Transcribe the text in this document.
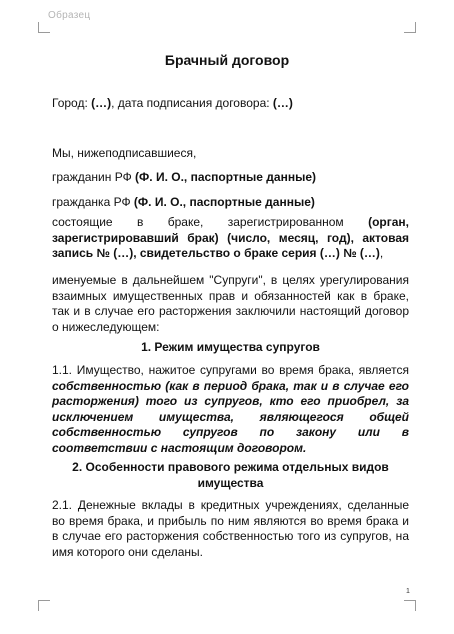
Образец
Брачный договор
Город: (…), дата подписания договора: (…)
Мы, нижеподписавшиеся,
гражданин РФ (Ф. И. О., паспортные данные)
гражданка РФ (Ф. И. О., паспортные данные)
состоящие в браке, зарегистрированном (орган, зарегистрировавший брак) (число, месяц, год), актовая запись № (…), свидетельство о браке серия (…) № (…),
именуемые в дальнейшем "Супруги", в целях урегулирования взаимных имущественных прав и обязанностей как в браке, так и в случае его расторжения заключили настоящий договор о нижеследующем:
1. Режим имущества супругов
1.1. Имущество, нажитое супругами во время брака, является собственностью (как в период брака, так и в случае его расторжения) того из супругов, кто его приобрел, за исключением имущества, являющегося общей собственностью супругов по закону или в соответствии с настоящим договором.
2. Особенности правового режима отдельных видов имущества
2.1. Денежные вклады в кредитных учреждениях, сделанные во время брака, и прибыль по ним являются во время брака и в случае его расторжения собственностью того из супругов, на имя которого они сделаны.
1
